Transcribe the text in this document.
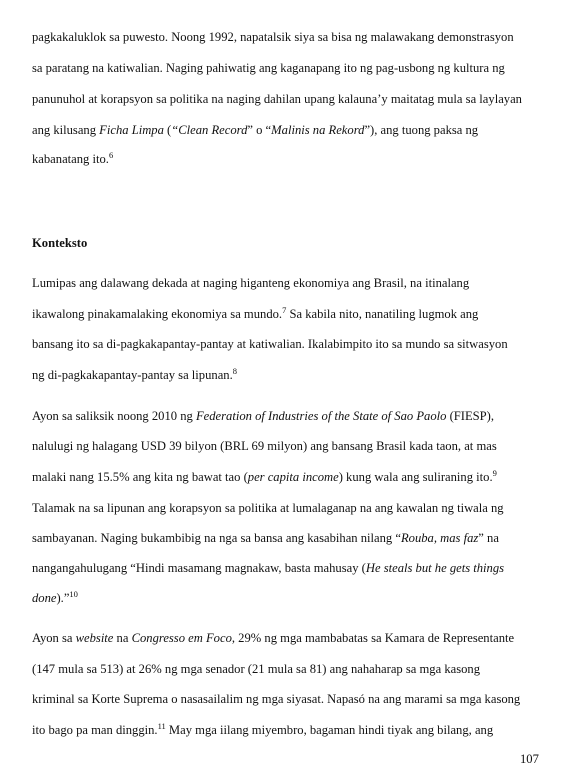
pagkakaluklok sa puwesto. Noong 1992, napatalsik siya sa bisa ng malawakang demonstrasyon
sa paratang na katiwalian. Naging pahiwatig ang kaganapang ito ng pag-usbong ng kultura ng
panunuhol at korapsyon sa politika na naging dahilan upang kalauna’y maitatag mula sa laylayan
ang kilusang Ficha Limpa (“Clean Record” o “Malinis na Rekord”), ang tuong paksa ng
kabanatang ito.$^6$
Konteksto
Lumipas ang dalawang dekada at naging higanteng ekonomiya ang Brasil, na itinalang
ikawalong pinakamalaking ekonomiya sa mundo.$^7$ Sa kabila nito, nanatiling lugmok ang
bansang ito sa di-pagkakapantay-pantay at katiwalian. Ikalabimpito ito sa mundo sa sitwasyon
ng di-pagkakapantay-pantay sa lipunan.$^8$
Ayon sa saliksik noong 2010 ng Federation of Industries of the State of Sao Paolo (FIESP),
nalulugi ng halagang USD 39 bilyon (BRL 69 milyon) ang bansang Brasil kada taon, at mas
malaki nang 15.5% ang kita ng bawat tao (per capita income) kung wala ang suliraning ito.$^9$
Talamak na sa lipunan ang korapsyon sa politika at lumalaganap na ang kawalan ng tiwala ng
sambayanan. Naging bukambibig na nga sa bansa ang kasabihan nilang “Rouba, mas faz” na
nangangahulugang “Hindi masamang magnakaw, basta mahusay (He steals but he gets things
done).”$^{10}$
Ayon sa website na Congresso em Foco, 29% ng mga mambabatas sa Kamara de Representante
(147 mula sa 513) at 26% ng mga senador (21 mula sa 81) ang nahaharap sa mga kasong
kriminal sa Korte Suprema o nasasailalim ng mga siyasat. Napasó na ang marami sa mga kasong
ito bago pa man dinggin.$^{11}$ May mga iilang miyembro, bagaman hindi tiyak ang bilang, ang
107
